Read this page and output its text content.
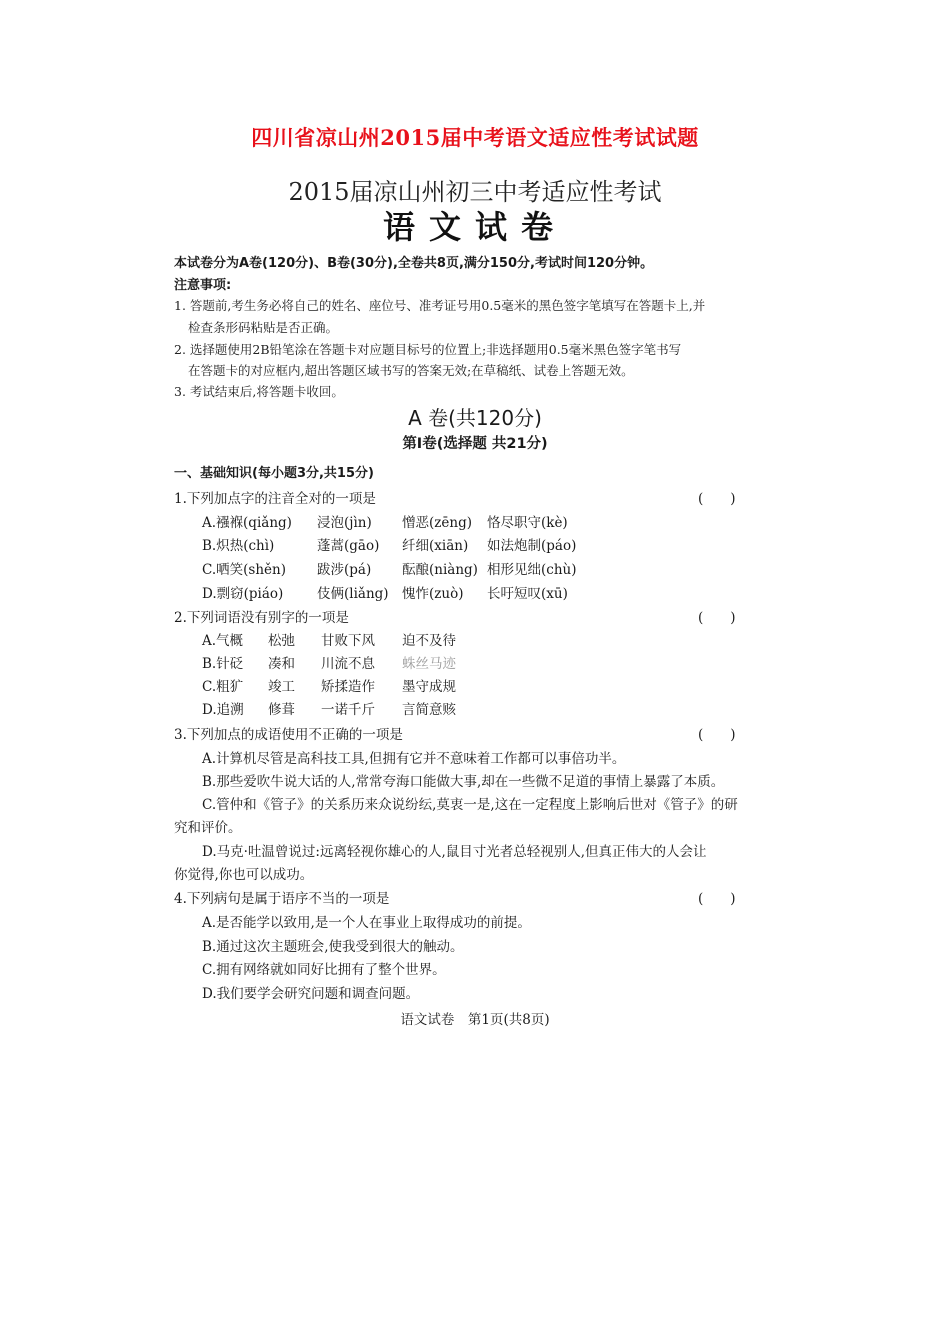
四川省凉山州2015届中考语文适应性考试试题
2015届凉山州初三中考适应性考试
语文试卷
本试卷分为A卷(120分)、B卷(30分),全卷共8页,满分150分,考试时间120分钟。
注意事项:
1. 答题前,考生务必将自己的姓名、座位号、准考证号用0.5毫米的黑色签字笔填写在答题卡上,并
检查条形码粘贴是否正确。
2. 选择题使用2B铅笔涂在答题卡对应题目标号的位置上;非选择题用0.5毫米黑色签字笔书写
在答题卡的对应框内,超出答题区域书写的答案无效;在草稿纸、试卷上答题无效。
3. 考试结束后,将答题卡收回。
A 卷(共120分)
第Ⅰ卷(选择题 共21分)
一、基础知识(每小题3分,共15分)
1.下列加点字的注音全对的一项是	(　　)
A.襁褓(qiǎng) 浸泡(jìn) 憎恶(zēng) 恪尽职守(kè)
B.炽热(chì)	蓬蒿(gāo) 纤细(xiān) 如法炮制(páo)
C.哂笑(shěn) 跋涉(pá) 酝酿(niàng) 相形见绌(chù)
D.剽窃(piáo) 伎俩(liǎng) 愧怍(zuò) 长吁短叹(xū)
2.下列词语没有别字的一项是	(　　)
A.气概 松弛 甘败下风 迫不及待
B.针砭 凑和 川流不息 蛛丝马迹
C.粗犷 竣工 矫揉造作 墨守成规
D.追溯 修葺 一诺千斤 言简意赅
3.下列加点的成语使用不正确的一项是	(　　)
A.计算机尽管是高科技工具,但拥有它并不意味着工作都可以事倍功半。
B.那些爱吹牛说大话的人,常常夸海口能做大事,却在一些微不足道的事情上暴露了本质。
C.管仲和《管子》的关系历来众说纷纭,莫衷一是,这在一定程度上影响后世对《管子》的研
究和评价。
D.马克·吐温曾说过:远离轻视你雄心的人,鼠目寸光者总轻视别人,但真正伟大的人会让
你觉得,你也可以成功。
4.下列病句是属于语序不当的一项是	(　　)
A.是否能学以致用,是一个人在事业上取得成功的前提。
B.通过这次主题班会,使我受到很大的触动。
C.拥有网络就如同好比拥有了整个世界。
D.我们要学会研究问题和调查问题。
语文试卷　第1页(共8页)
